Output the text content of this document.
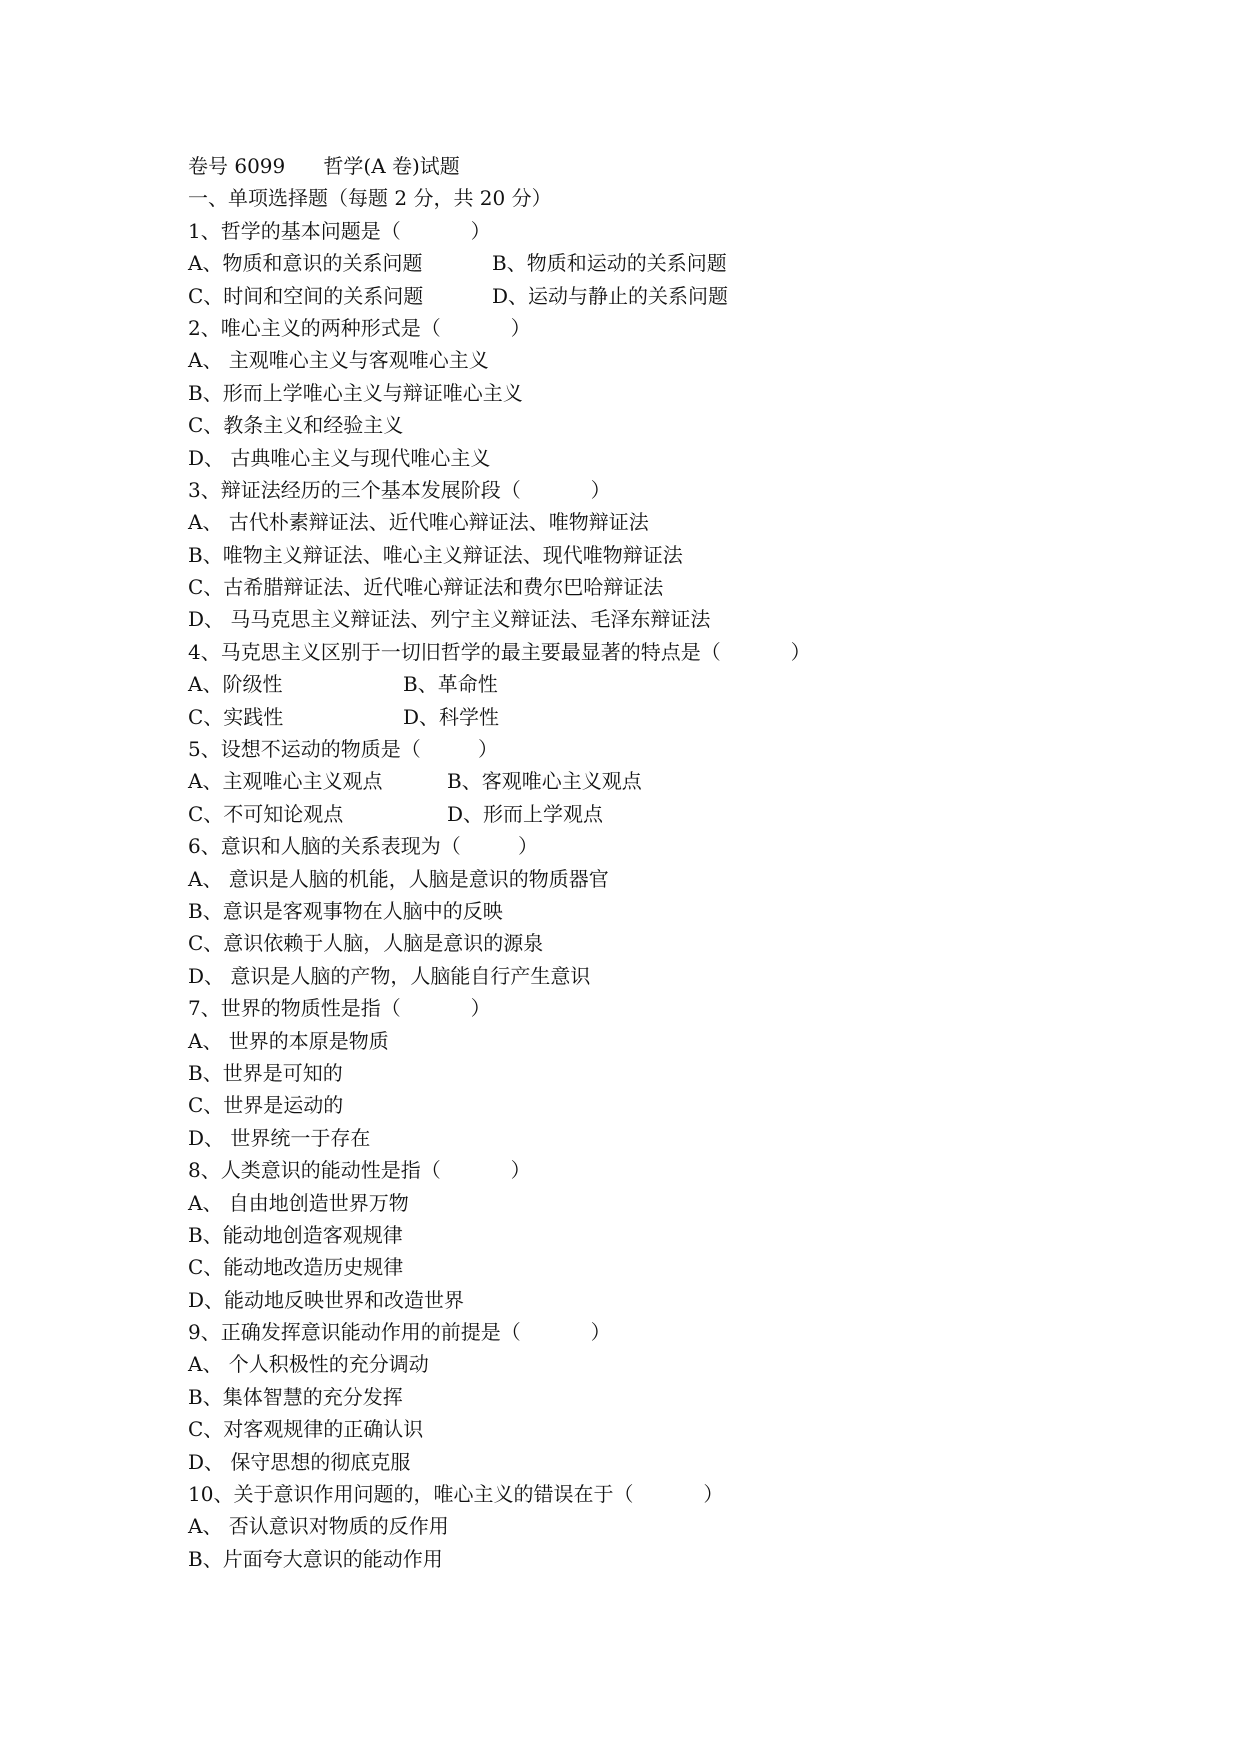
卷号 6099      哲学(A 卷)试题
一、单项选择题（每题 2 分，共 20 分）
1、哲学的基本问题是（           ）
A、物质和意识的关系问题	B、物质和运动的关系问题
C、时间和空间的关系问题	D、运动与静止的关系问题
2、唯心主义的两种形式是（           ）
A、 主观唯心主义与客观唯心主义
B、形而上学唯心主义与辩证唯心主义
C、教条主义和经验主义
D、 古典唯心主义与现代唯心主义
3、辩证法经历的三个基本发展阶段（           ）
A、 古代朴素辩证法、近代唯心辩证法、唯物辩证法
B、唯物主义辩证法、唯心主义辩证法、现代唯物辩证法
C、古希腊辩证法、近代唯心辩证法和费尔巴哈辩证法
D、 马马克思主义辩证法、列宁主义辩证法、毛泽东辩证法
4、马克思主义区别于一切旧哲学的最主要最显著的特点是（           ）
A、阶级性	B、革命性
C、实践性	D、科学性
5、设想不运动的物质是（         ）
A、主观唯心主义观点	B、客观唯心主义观点
C、不可知论观点	D、形而上学观点
6、意识和人脑的关系表现为（         ）
A、 意识是人脑的机能，人脑是意识的物质器官
B、意识是客观事物在人脑中的反映
C、意识依赖于人脑，人脑是意识的源泉
D、 意识是人脑的产物，人脑能自行产生意识
7、世界的物质性是指（           ）
A、 世界的本原是物质
B、世界是可知的
C、世界是运动的
D、 世界统一于存在
8、人类意识的能动性是指（           ）
A、 自由地创造世界万物
B、能动地创造客观规律
C、能动地改造历史规律
D、能动地反映世界和改造世界
9、正确发挥意识能动作用的前提是（           ）
A、 个人积极性的充分调动
B、集体智慧的充分发挥
C、对客观规律的正确认识
D、 保守思想的彻底克服
10、关于意识作用问题的，唯心主义的错误在于（           ）
A、 否认意识对物质的反作用
B、片面夸大意识的能动作用
